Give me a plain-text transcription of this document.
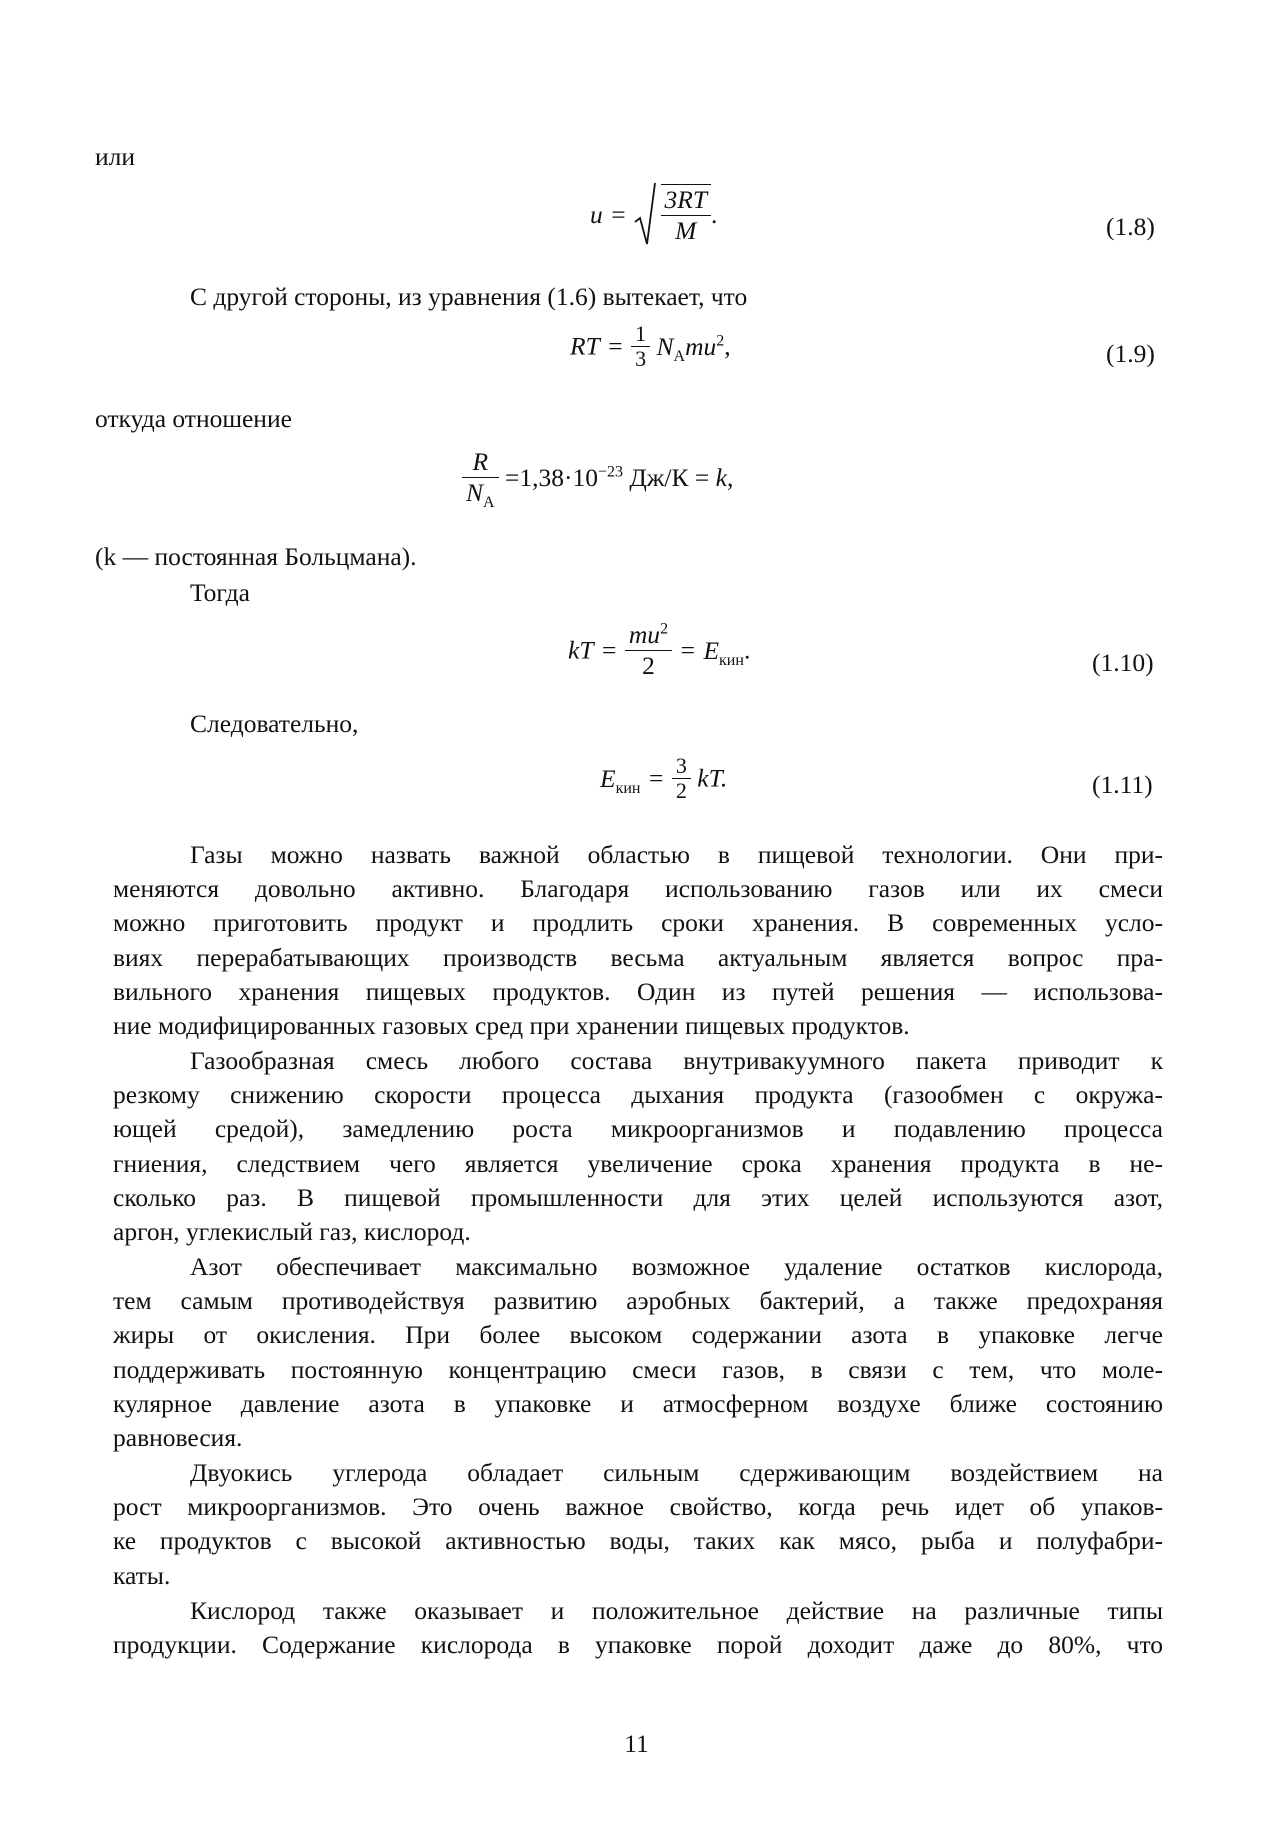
или
u  =  $\frac{3RT}{M}$ .	(1.8)
С другой стороны, из уравнения (1.6) вытекает, что
RT  =  $\frac{1}{3} N_Amu^2$,	(1.9)
откуда отношение
$\frac{R}{N_A} =1,38\cdot 10^{-23}$ Дж/К = k,
(k — постоянная Больцмана).
Тогда
kT  =  $\frac{mu^2}{2}$  =  $E_{кин}$.	(1.10)
Следовательно,
$E_{кин}$  =  $\frac{3}{2}$ kT.	(1.11)
Газы можно назвать важной областью в пищевой технологии. Они при-
меняются довольно активно. Благодаря использованию газов или их смеси
можно приготовить продукт и продлить сроки хранения. В современных усло-
виях перерабатывающих производств весьма актуальным является вопрос пра-
вильного хранения пищевых продуктов. Один из путей решения — использова-
ние модифицированных газовых сред при хранении пищевых продуктов.
Газообразная смесь любого состава внутривакуумного пакета приводит к
резкому снижению скорости процесса дыхания продукта (газообмен с окружа-
ющей средой), замедлению роста микроорганизмов и подавлению процесса
гниения, следствием чего является увеличение срока хранения продукта в не-
сколько раз. В пищевой промышленности для этих целей используются азот,
аргон, углекислый газ, кислород.
Азот обеспечивает максимально возможное удаление остатков кислорода,
тем самым противодействуя развитию аэробных бактерий, а также предохраняя
жиры от окисления. При более высоком содержании азота в упаковке легче
поддерживать постоянную концентрацию смеси газов, в связи с тем, что моле-
кулярное давление азота в упаковке и атмосферном воздухе ближе состоянию
равновесия.
Двуокись углерода обладает сильным сдерживающим воздействием на
рост микроорганизмов. Это очень важное свойство, когда речь идет об упаков-
ке продуктов с высокой активностью воды, таких как мясо, рыба и полуфабри-
каты.
Кислород также оказывает и положительное действие на различные типы
продукции. Содержание кислорода в упаковке порой доходит даже до 80%, что
11
